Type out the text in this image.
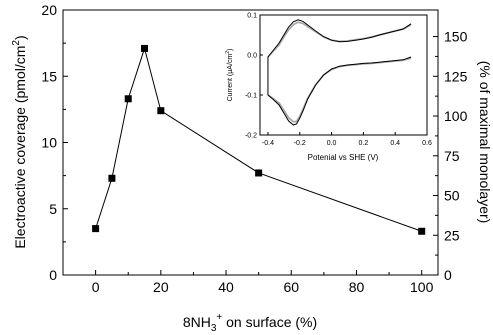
0	20	40	60	80	100
0
5
10
15
20
0
25
50
75
100
125
150
$8NH_3^+$ on surface (%)
Electroactive coverage $(pmol/cm^2)$
(% of maximal monolayer)
-0.4	-0.2	0.0	0.2	0.4	0.6
-0.2
-0.1
0.0
0.1
Potenial vs SHE (V)
Current $(\mu A/cm^2)$
